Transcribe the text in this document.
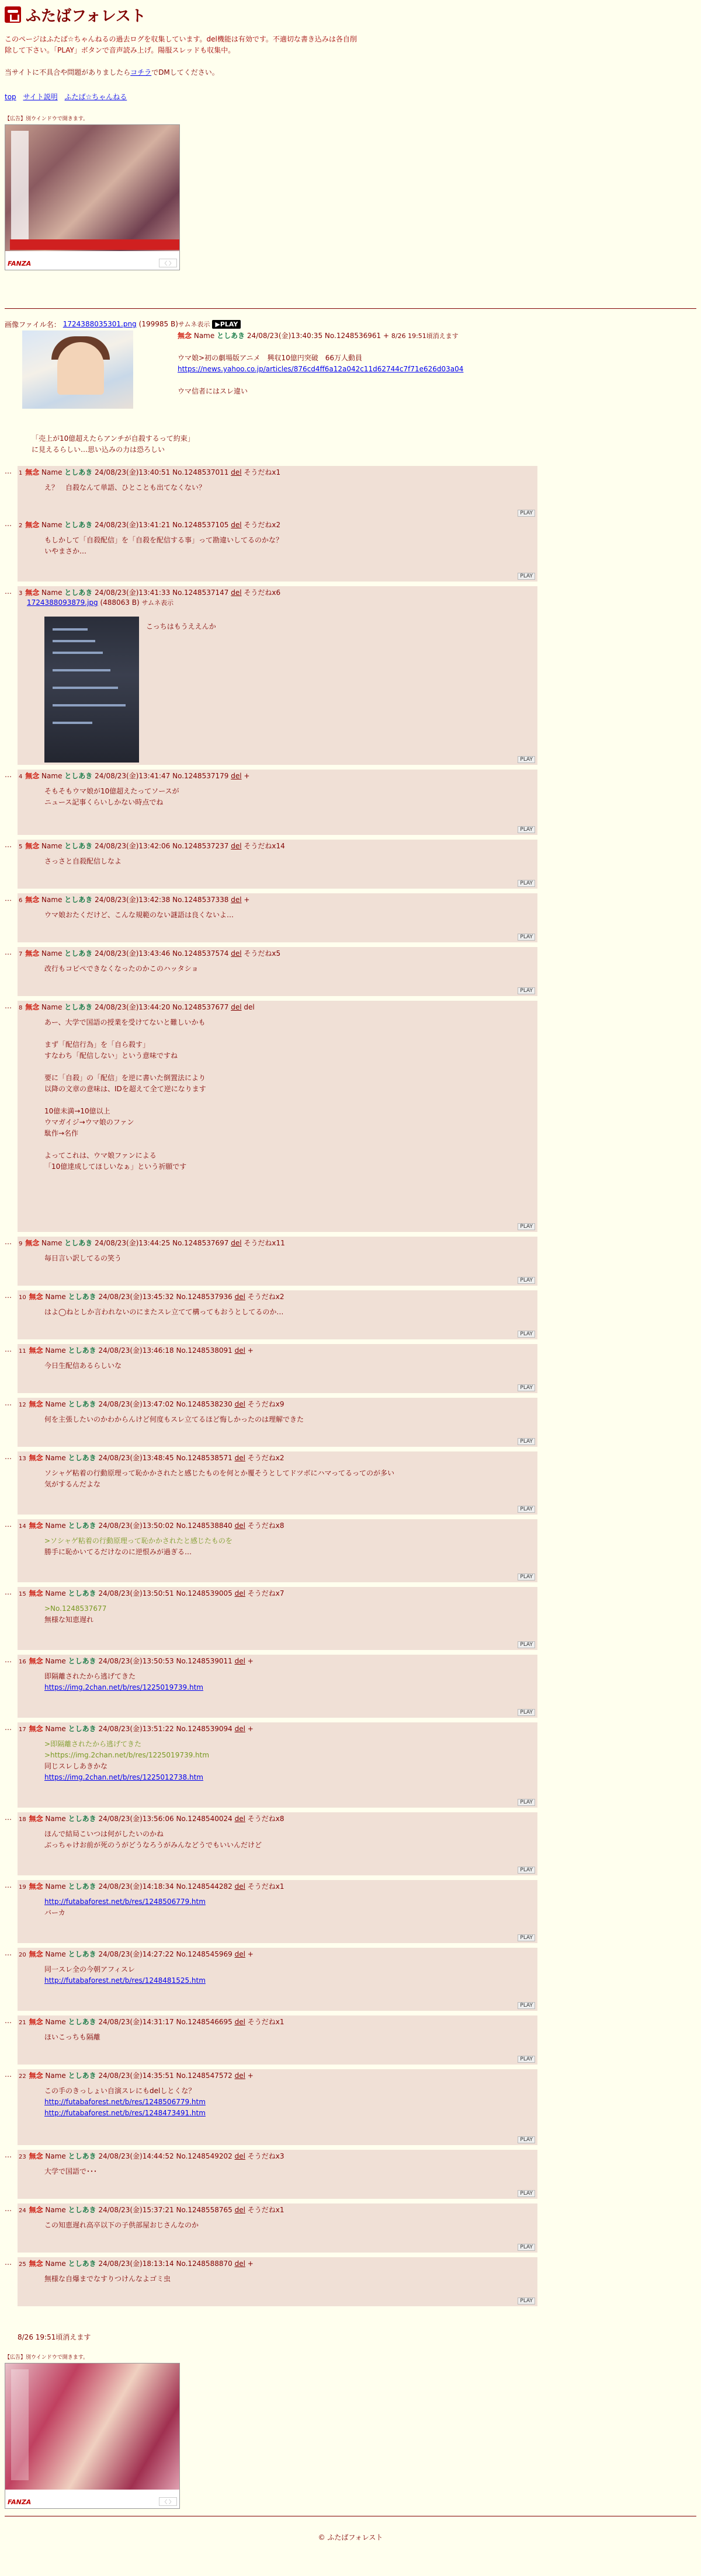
ふたばフォレスト
このページはふたば☆ちゃんねるの過去ログを収集しています。del機能は有効です。不適切な書き込みは各自削除して下さい。「PLAY」ボタンで音声読み上げ。陽服スレッドも収集中。
当サイトに不具合や問題がありましたらコチラでDMしてください。
top サイト説明 ふたば☆ちゃんねる
【広告】別ウインドウで開きます。
FANZA	〈 〉
画像ファイル名： 1724388035301.png (199985 B) サムネ表示 ▶PLAY
無念 Name としあき 24/08/23(金)13:40:35 No.1248536961 + 8/26 19:51頃消えます
ウマ娘>初の劇場版アニメ　興収10億円突破　66万人動員
https://news.yahoo.co.jp/articles/876cd4ff6a12a042c11d62744c7f71e626d03a04
ウマ信者にはスレ違い
「売上が10億超えたらアンチが自殺するって約束」
に見えるらしい…思い込みの力は恐ろしい
… 1 無念 Name としあき 24/08/23(金)13:40:51 No.1248537011 del そうだねx1
え？　自殺なんて単語、ひとことも出てなくない？
PLAY
… 2 無念 Name としあき 24/08/23(金)13:41:21 No.1248537105 del そうだねx2
もしかして「自殺配信」を「自殺を配信する事」って勘違いしてるのかな？
いやまさか…
PLAY
… 3 無念 Name としあき 24/08/23(金)13:41:33 No.1248537147 del そうだねx6
1724388093879.jpg (488063 B) サムネ表示
こっちはもうええんか
PLAY
… 4 無念 Name としあき 24/08/23(金)13:41:47 No.1248537179 del +
そもそもウマ娘が10億超えたってソースが
ニュース記事くらいしかない時点でね
PLAY
… 5 無念 Name としあき 24/08/23(金)13:42:06 No.1248537237 del そうだねx14
さっさと自殺配信しなよ
PLAY
… 6 無念 Name としあき 24/08/23(金)13:42:38 No.1248537338 del +
ウマ娘おたくだけど、こんな規範のない謎語は良くないよ…
PLAY
… 7 無念 Name としあき 24/08/23(金)13:43:46 No.1248537574 del そうだねx5
改行もコピペできなくなったのかこのハッタショ
PLAY
… 8 無念 Name としあき 24/08/23(金)13:44:20 No.1248537677 del del
あー、大学で国語の授業を受けてないと難しいかも
まず「配信行為」を「自ら殺す」
すなわち「配信しない」という意味ですね
要に「自殺」の「配信」を逆に書いた倒置法により
以降の文章の意味は、IDを超えて全て逆になります
10億未満→10億以上
ウマガイジ→ウマ娘のファン
駄作→名作
よってこれは、ウマ娘ファンによる
「10億達成してほしいなぁ」という祈願です
PLAY
… 9 無念 Name としあき 24/08/23(金)13:44:25 No.1248537697 del そうだねx11
毎日言い訳してるの笑う
PLAY
… 10 無念 Name としあき 24/08/23(金)13:45:32 No.1248537936 del そうだねx2
はよ◯ねとしか言われないのにまたスレ立てて構ってもおうとしてるのか…
PLAY
… 11 無念 Name としあき 24/08/23(金)13:46:18 No.1248538091 del +
今日生配信あるらしいな
PLAY
… 12 無念 Name としあき 24/08/23(金)13:47:02 No.1248538230 del そうだねx9
何を主張したいのかわからんけど何度もスレ立てるほど悔しかったのは理解できた
PLAY
… 13 無念 Name としあき 24/08/23(金)13:48:45 No.1248538571 del そうだねx2
ソシャゲ粘着の行動原理って恥かかされたと感じたものを何とか覆そうとしてドツボにハマってるってのが多い
気がするんだよな
PLAY
… 14 無念 Name としあき 24/08/23(金)13:50:02 No.1248538840 del そうだねx8
>ソシャゲ粘着の行動原理って恥かかされたと感じたものを
勝手に恥かいてるだけなのに逆恨みが過ぎる…
PLAY
… 15 無念 Name としあき 24/08/23(金)13:50:51 No.1248539005 del そうだねx7
>No.1248537677
無様な知恵遅れ
PLAY
… 16 無念 Name としあき 24/08/23(金)13:50:53 No.1248539011 del +
即隔離されたから逃げてきた
https://img.2chan.net/b/res/1225019739.htm
PLAY
… 17 無念 Name としあき 24/08/23(金)13:51:22 No.1248539094 del +
>即隔離されたから逃げてきた
>https://img.2chan.net/b/res/1225019739.htm
同じスレしあきかな
https://img.2chan.net/b/res/1225012738.htm
PLAY
… 18 無念 Name としあき 24/08/23(金)13:56:06 No.1248540024 del そうだねx8
ほんで結局こいつは何がしたいのかね
ぶっちゃけお前が死のうがどうなろうがみんなどうでもいいんだけど
PLAY
… 19 無念 Name としあき 24/08/23(金)14:18:34 No.1248544282 del そうだねx1
http://futabaforest.net/b/res/1248506779.htm
バーカ
PLAY
… 20 無念 Name としあき 24/08/23(金)14:27:22 No.1248545969 del +
同一スレ全の今朝アフィスレ
http://futabaforest.net/b/res/1248481525.htm
PLAY
… 21 無念 Name としあき 24/08/23(金)14:31:17 No.1248546695 del そうだねx1
ほいこっちも隔離
PLAY
… 22 無念 Name としあき 24/08/23(金)14:35:51 No.1248547572 del +
この手のきっしょい自演スレにもdelしとくな？
http://futabaforest.net/b/res/1248506779.htm
http://futabaforest.net/b/res/1248473491.htm
PLAY
… 23 無念 Name としあき 24/08/23(金)14:44:52 No.1248549202 del そうだねx3
大学で国語で･･･
PLAY
… 24 無念 Name としあき 24/08/23(金)15:37:21 No.1248558765 del そうだねx1
この知恵遅れ高卒以下の子供部屋おじさんなのか
PLAY
… 25 無念 Name としあき 24/08/23(金)18:13:14 No.1248588870 del +
無様な自爆までなすりつけんなよゴミ虫
PLAY
8/26 19:51頃消えます
【広告】別ウインドウで開きます。
FANZA	〈 〉
© ふたばフォレスト
